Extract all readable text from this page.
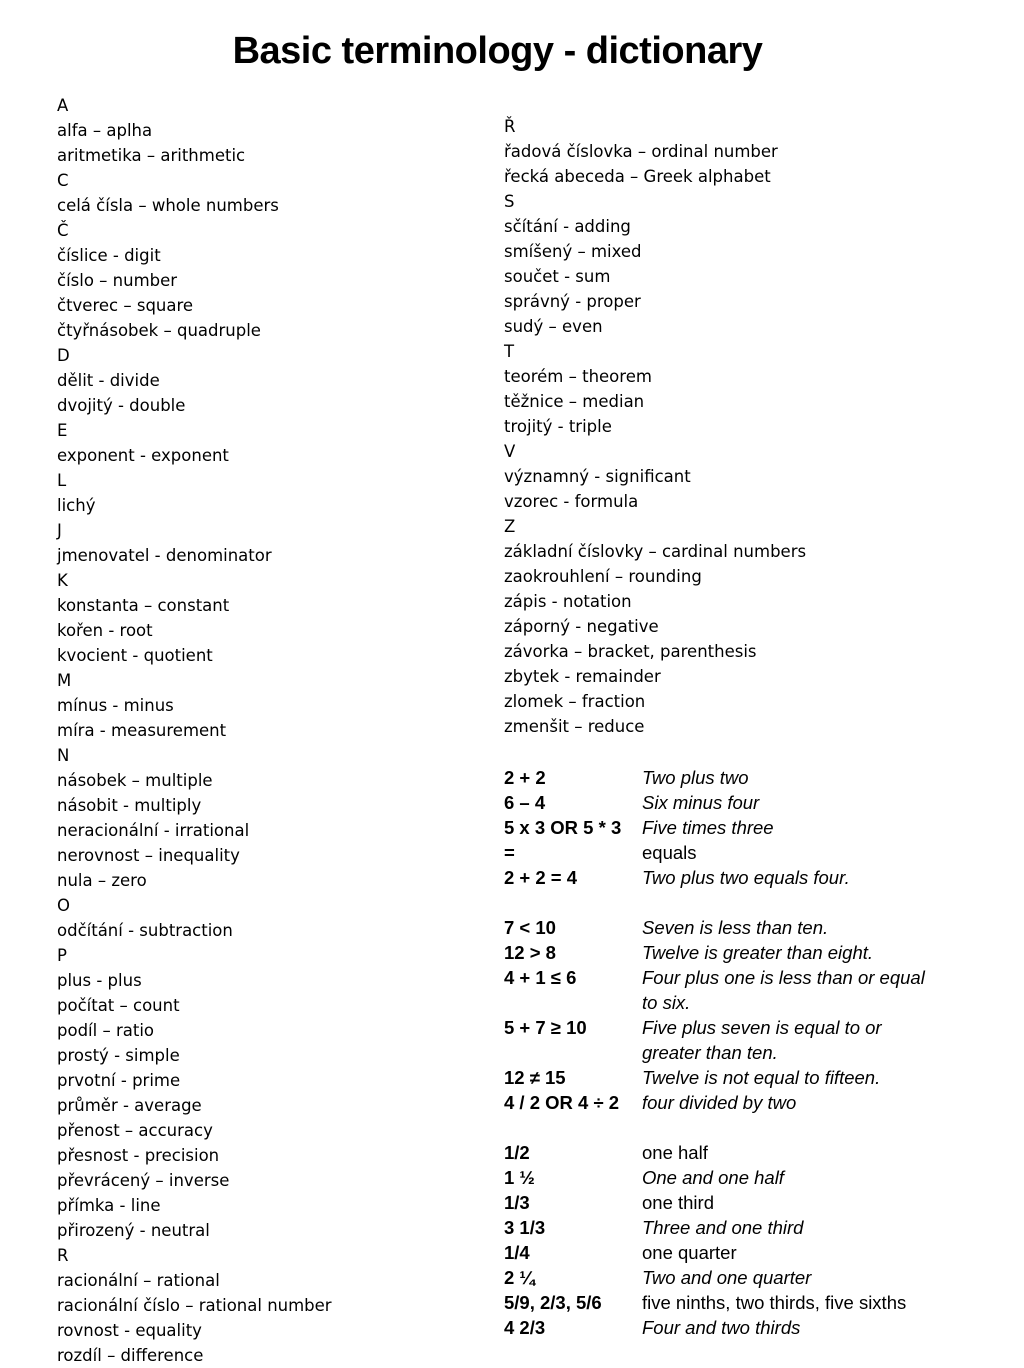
Basic terminology - dictionary
A
alfa – aplha
aritmetika – arithmetic
C
celá čísla – whole numbers
Č
číslice - digit
číslo – number
čtverec – square
čtyřnásobek – quadruple
D
dělit - divide
dvojitý - double
E
exponent - exponent
L
lichý
J
jmenovatel - denominator
K
konstanta – constant
kořen - root
kvocient - quotient
M
mínus - minus
míra - measurement
N
násobek – multiple
násobit - multiply
neracionální - irrational
nerovnost – inequality
nula – zero
O
odčítání - subtraction
P
plus - plus
počítat – count
podíl – ratio
prostý - simple
prvotní - prime
průměr - average
přenost – accuracy
přesnost - precision
převrácený – inverse
přímka - line
přirozený - neutral
R
racionální – rational
racionální číslo – rational number
rovnost - equality
rozdíl – difference
Ř
řadová číslovka – ordinal number
řecká abeceda – Greek alphabet
S
sčítání - adding
smíšený – mixed
součet - sum
správný - proper
sudý – even
T
teorém – theorem
těžnice – median
trojitý - triple
V
významný - significant
vzorec - formula
Z
základní číslovky – cardinal numbers
zaokrouhlení – rounding
zápis - notation
záporný - negative
závorka – bracket, parenthesis
zbytek - remainder
zlomek – fraction
zmenšit – reduce
2 + 2	Two plus two
6 – 4	Six minus four
5 x 3 OR 5 * 3	Five times three
=	equals
2 + 2 = 4	Two plus two equals four.
7 < 10	Seven is less than ten.
12 > 8	Twelve is greater than eight.
4 + 1 ≤ 6	Four plus one is less than or equal to six.
5 + 7 ≥ 10	Five plus seven is equal to or greater than ten.
12 ≠ 15	Twelve is not equal to fifteen.
4 / 2 OR 4 ÷ 2	four divided by two
1/2	one half
1 ½	One and one half
1/3	one third
3 1/3	Three and one third
1/4	one quarter
2 ¼	Two and one quarter
5/9, 2/3, 5/6	five ninths, two thirds, five sixths
4 2/3	Four and two thirds
